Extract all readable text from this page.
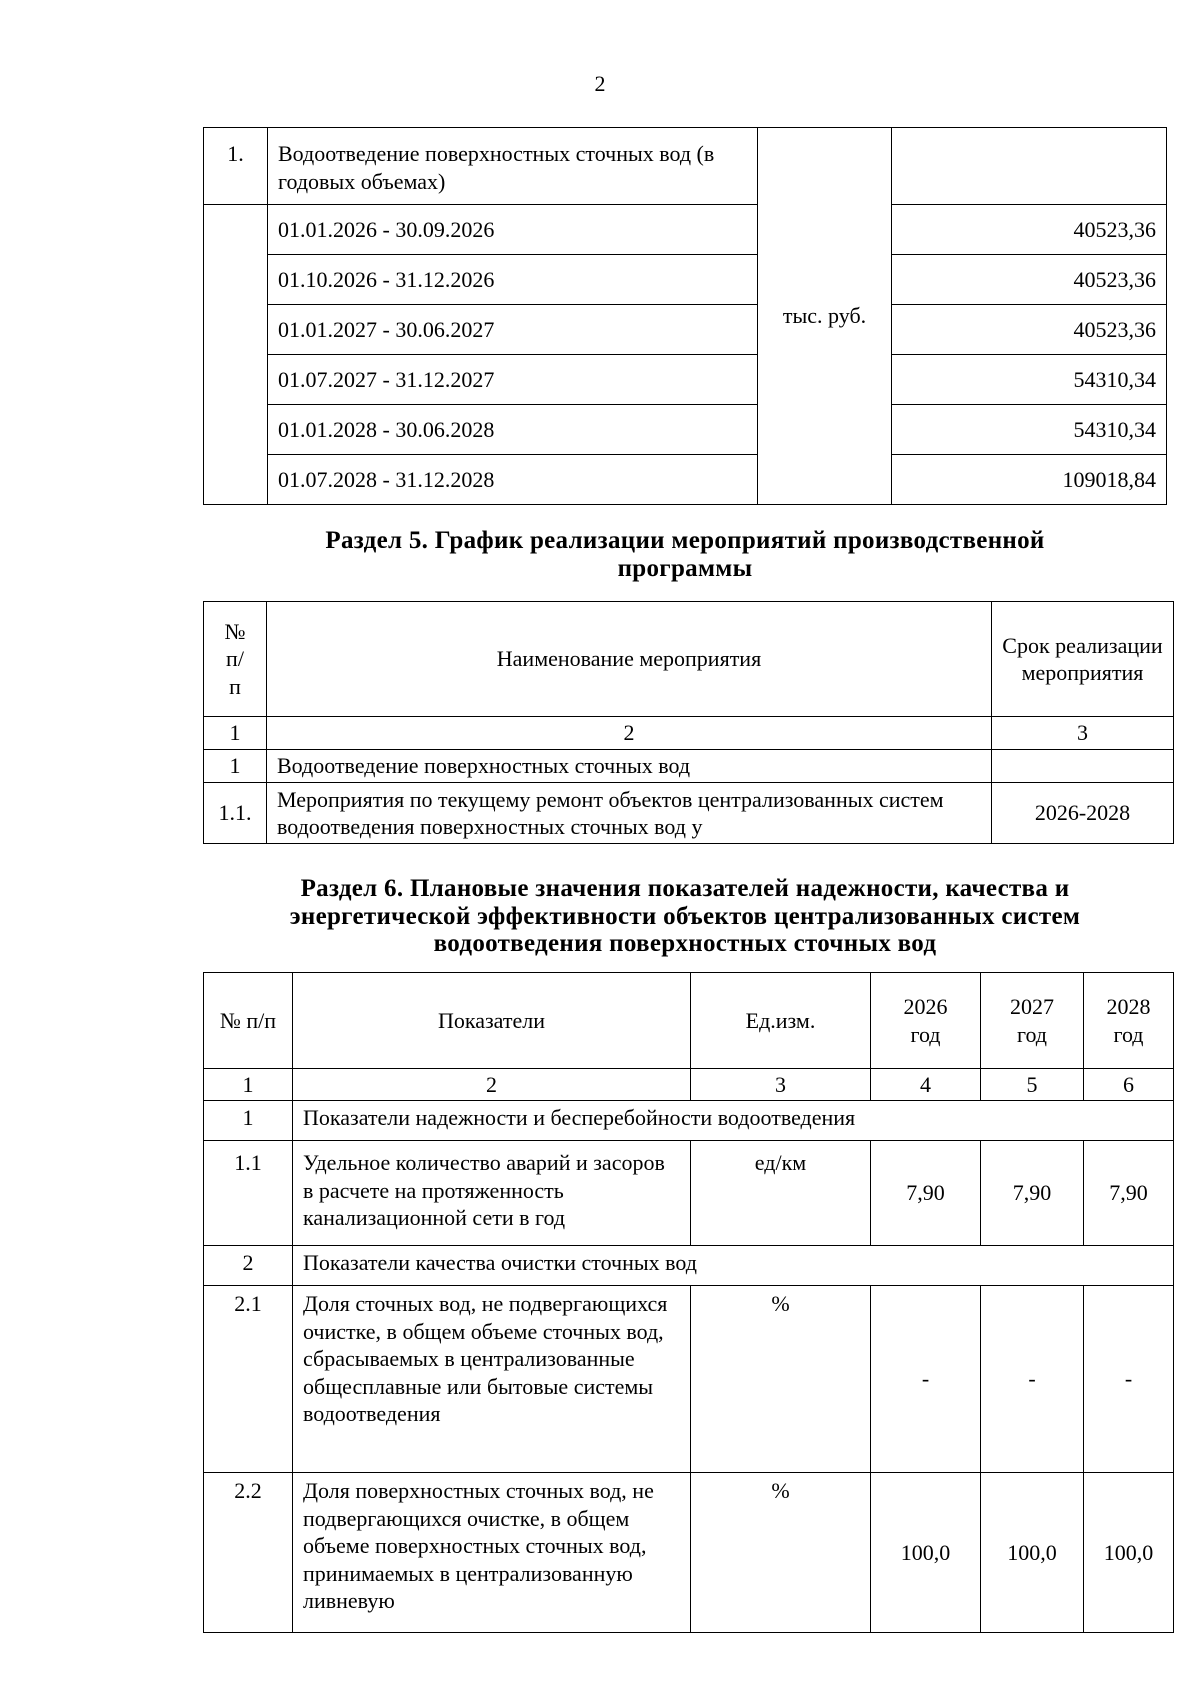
2
1.	Водоотведение поверхностных сточных вод (в годовых объемах)	тыс. руб.	
	01.01.2026 - 30.09.2026		40523,36
	01.10.2026 - 31.12.2026		40523,36
	01.01.2027 - 30.06.2027		40523,36
	01.07.2027 - 31.12.2027		54310,34
	01.01.2028 - 30.06.2028		54310,34
	01.07.2028 - 31.12.2028		109018,84
Раздел 5. График реализации мероприятий производственной программы
№ п/п	Наименование мероприятия	Срок реализации мероприятия
1	2	3
1	Водоотведение поверхностных сточных вод	
1.1.	Мероприятия по текущему ремонт объектов централизованных систем водоотведения поверхностных сточных вод у	2026-2028
Раздел 6. Плановые значения показателей надежности, качества и энергетической эффективности объектов централизованных систем водоотведения поверхностных сточных вод
№ п/п	Показатели	Ед.изм.	2026 год	2027 год	2028 год
1	2	3	4	5	6
1	Показатели надежности и бесперебойности водоотведения				
1.1	Удельное количество аварий и засоров в расчете на протяженность канализационной сети в год	ед/км	7,90	7,90	7,90
2	Показатели качества очистки сточных вод				
2.1	Доля сточных вод, не подвергающихся очистке, в общем объеме сточных вод, сбрасываемых в централизованные общесплавные или бытовые системы водоотведения	%	-	-	-
2.2	Доля поверхностных сточных вод, не подвергающихся очистке, в общем объеме поверхностных сточных вод, принимаемых в централизованную ливневую	%	100,0	100,0	100,0
